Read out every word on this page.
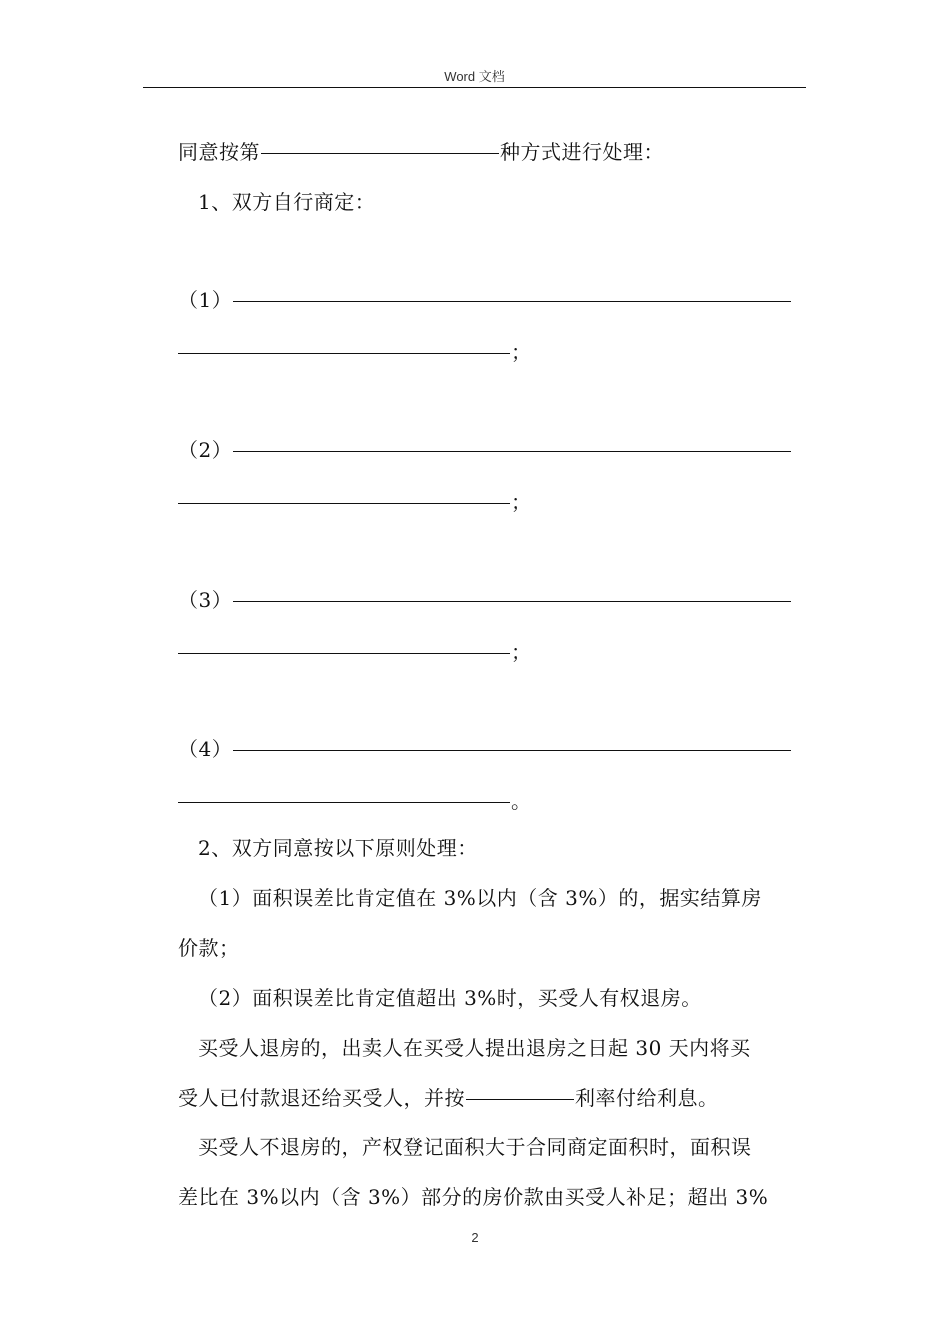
Word 文档
同意按第	种方式进行处理：
1、双方自行商定：
（1）
；
（2）
；
（3）
；
（4）
。
2、双方同意按以下原则处理：
（1）面积误差比肯定值在 3%以内（含 3%）的，据实结算房
价款；
（2）面积误差比肯定值超出 3%时，买受人有权退房。
买受人退房的，出卖人在买受人提出退房之日起 30 天内将买
受人已付款退还给买受人，并按	利率付给利息。
买受人不退房的，产权登记面积大于合同商定面积时，面积误
差比在 3%以内（含 3%）部分的房价款由买受人补足；超出 3%
2
